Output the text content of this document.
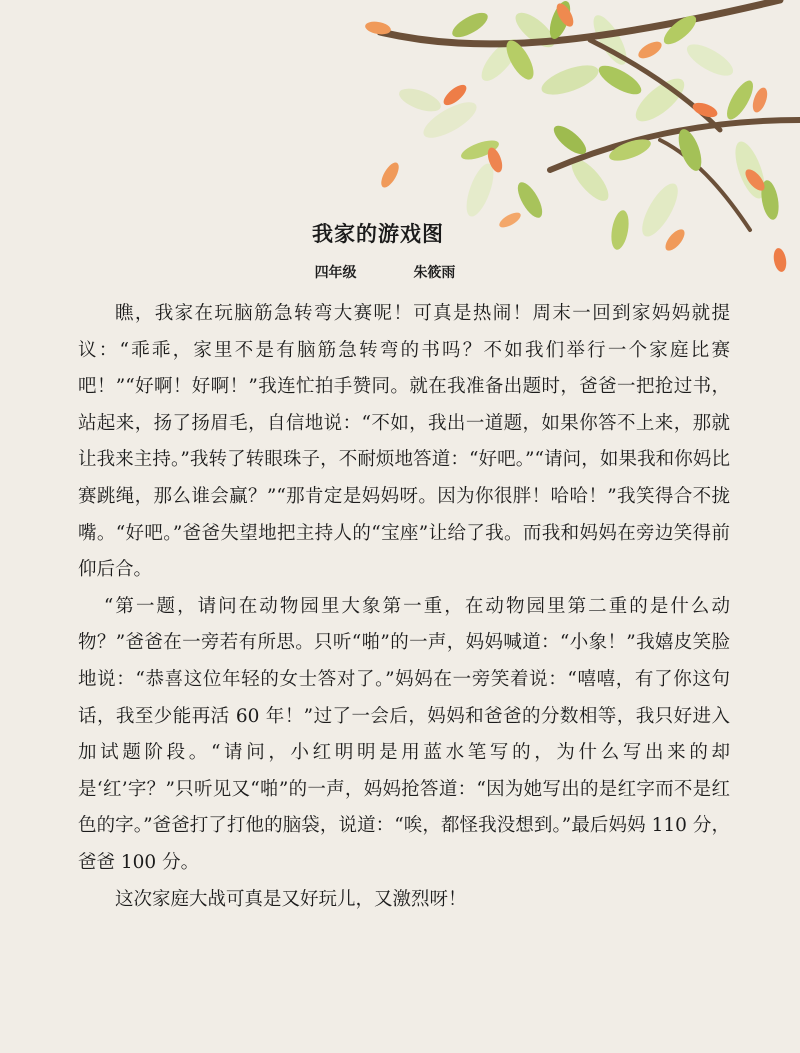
我家的游戏图
四年级	朱筱雨

瞧，我家在玩脑筋急转弯大赛呢！可真是热闹！周末一回到家妈妈就提议：“乖乖，家里不是有脑筋急转弯的书吗？不如我们举行一个家庭比赛吧！”“好啊！好啊！”我连忙拍手赞同。就在我准备出题时，爸爸一把抢过书，站起来，扬了扬眉毛，自信地说：“不如，我出一道题，如果你答不上来，那就让我来主持。”我转了转眼珠子，不耐烦地答道：“好吧。”“请问，如果我和你妈比赛跳绳，那么谁会赢？”“那肯定是妈妈呀。因为你很胖！哈哈！”我笑得合不拢嘴。“好吧。”爸爸失望地把主持人的“宝座”让给了我。而我和妈妈在旁边笑得前仰后合。

“第一题，请问在动物园里大象第一重，在动物园里第二重的是什么动物？”爸爸在一旁若有所思。只听“啪”的一声，妈妈喊道：“小象！”我嬉皮笑脸地说：“恭喜这位年轻的女士答对了。”妈妈在一旁笑着说：“嘻嘻，有了你这句话，我至少能再活 60 年！”过了一会后，妈妈和爸爸的分数相等，我只好进入加试题阶段。“请问，小红明明是用蓝水笔写的，为什么写出来的却是‘红’字？”只听见又“啪”的一声，妈妈抢答道：“因为她写出的是红字而不是红色的字。”爸爸打了打他的脑袋，说道：“唉，都怪我没想到。”最后妈妈 110 分，爸爸 100 分。

这次家庭大战可真是又好玩儿，又激烈呀！
